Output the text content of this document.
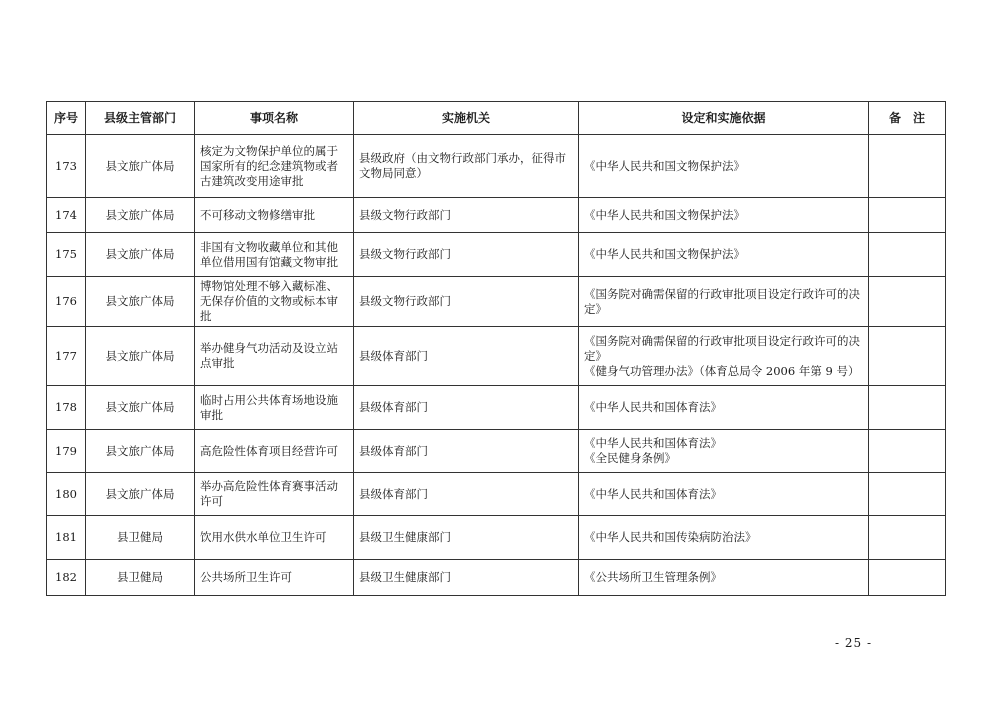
序号	县级主管部门	事项名称	实施机关	设定和实施依据	备　注
173	县文旅广体局	核定为文物保护单位的属于国家所有的纪念建筑物或者古建筑改变用途审批	县级政府（由文物行政部门承办，征得市文物局同意）	《中华人民共和国文物保护法》	

174	县文旅广体局	不可移动文物修缮审批	县级文物行政部门	《中华人民共和国文物保护法》	

175	县文旅广体局	非国有文物收藏单位和其他单位借用国有馆藏文物审批	县级文物行政部门	《中华人民共和国文物保护法》	

176	县文旅广体局	博物馆处理不够入藏标准、无保存价值的文物或标本审批	县级文物行政部门	《国务院对确需保留的行政审批项目设定行政许可的决定》	

177	县文旅广体局	举办健身气功活动及设立站点审批	县级体育部门	《国务院对确需保留的行政审批项目设定行政许可的决定》
《健身气功管理办法》（体育总局令 2006 年第 9 号）	

178	县文旅广体局	临时占用公共体育场地设施审批	县级体育部门	《中华人民共和国体育法》	

179	县文旅广体局	高危险性体育项目经营许可	县级体育部门	《中华人民共和国体育法》
《全民健身条例》	

180	县文旅广体局	举办高危险性体育赛事活动许可	县级体育部门	《中华人民共和国体育法》	

181	县卫健局	饮用水供水单位卫生许可	县级卫生健康部门	《中华人民共和国传染病防治法》	

182	县卫健局	公共场所卫生许可	县级卫生健康部门	《公共场所卫生管理条例》	

- 25 -
